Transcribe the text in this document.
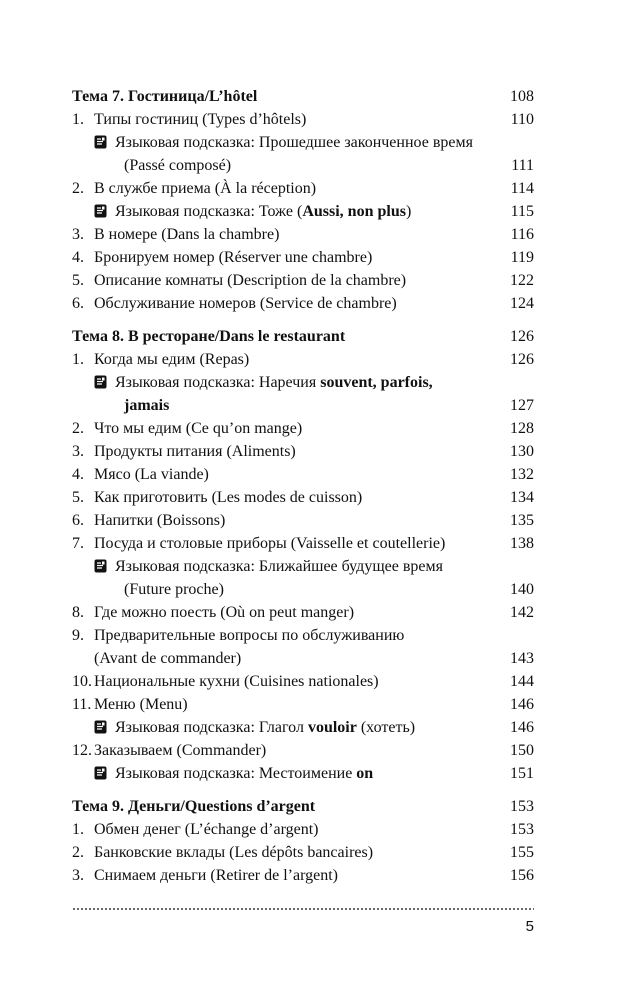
Тема 7. Гостиница/L’hôtel	108
1. Типы гостиниц (Types d’hôtels)	110
Языковая подсказка: Прошедшее законченное время
(Passé composé)	111
2. В службе приема (À la réception)	114
Языковая подсказка: Тоже (Aussi, non plus)	115
3. В номере (Dans la chambre)	116
4. Бронируем номер (Réserver une chambre)	119
5. Описание комнаты (Description de la chambre)	122
6. Обслуживание номеров (Service de chambre)	124
Тема 8. В ресторане/Dans le restaurant	126
1. Когда мы едим (Repas)	126
Языковая подсказка: Наречия souvent, parfois,
jamais	127
2. Что мы едим (Ce qu’on mange)	128
3. Продукты питания (Aliments)	130
4. Мясо (La viande)	132
5. Как приготовить (Les modes de cuisson)	134
6. Напитки (Boissons)	135
7. Посуда и столовые приборы (Vaisselle et coutellerie)	138
Языковая подсказка: Ближайшее будущее время
(Future proche)	140
8. Где можно поесть (Où on peut manger)	142
9. Предварительные вопросы по обслуживанию
(Avant de commander)	143
10. Национальные кухни (Cuisines nationales)	144
11. Меню (Menu)	146
Языковая подсказка: Глагол vouloir (хотеть)	146
12. Заказываем (Commander)	150
Языковая подсказка: Местоимение on	151
Тема 9. Деньги/Questions d’argent	153
1. Обмен денег (L’échange d’argent)	153
2. Банковские вклады (Les dépôts bancaires)	155
3. Снимаем деньги (Retirer de l’argent)	156
5
